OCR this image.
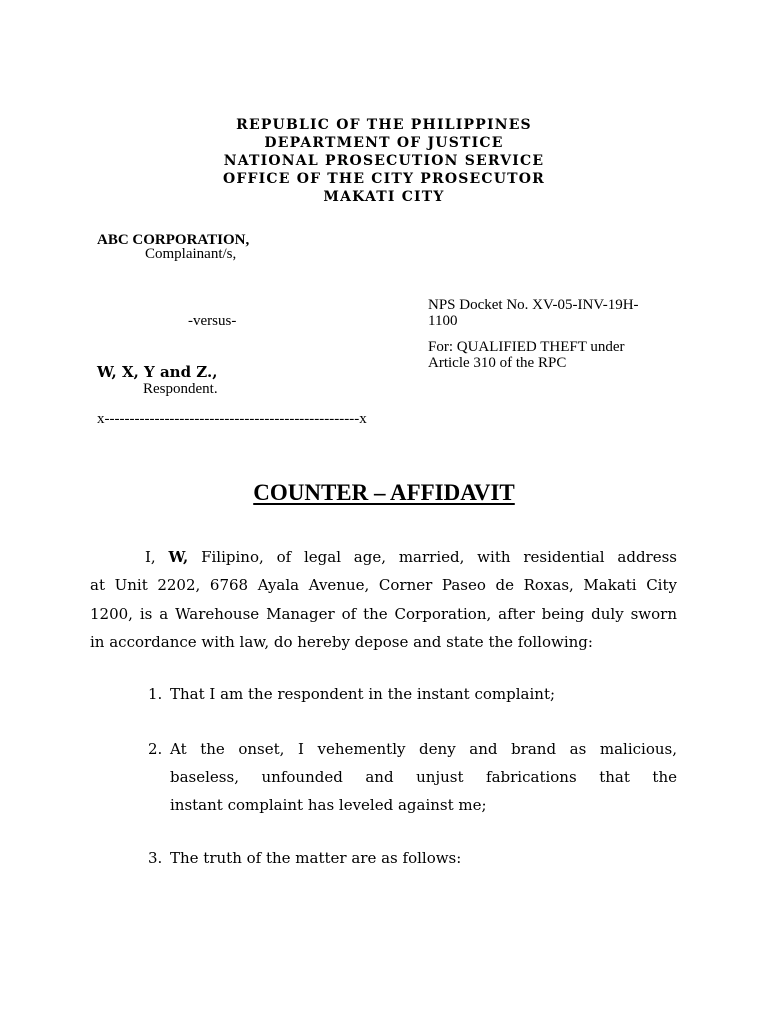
REPUBLIC OF THE PHILIPPINES
DEPARTMENT OF JUSTICE
NATIONAL PROSECUTION SERVICE
OFFICE OF THE CITY PROSECUTOR
MAKATI CITY
ABC CORPORATION,
Complainant/s,
-versus-
NPS Docket No. XV-05-INV-19H-
1100
For: QUALIFIED THEFT under
Article 310 of the RPC
W, X, Y and Z.,
Respondent.
x---------------------------------------------------x
COUNTER – AFFIDAVIT
I, W, Filipino, of legal age, married, with residential address
at Unit 2202, 6768 Ayala Avenue, Corner Paseo de Roxas, Makati City
1200, is a Warehouse Manager of the Corporation, after being duly sworn
in accordance with law, do hereby depose and state the following:
1. That I am the respondent in the instant complaint;
2. At the onset, I vehemently deny and brand as malicious,
baseless, unfounded and unjust fabrications that the
instant complaint has leveled against me;
3. The truth of the matter are as follows:
